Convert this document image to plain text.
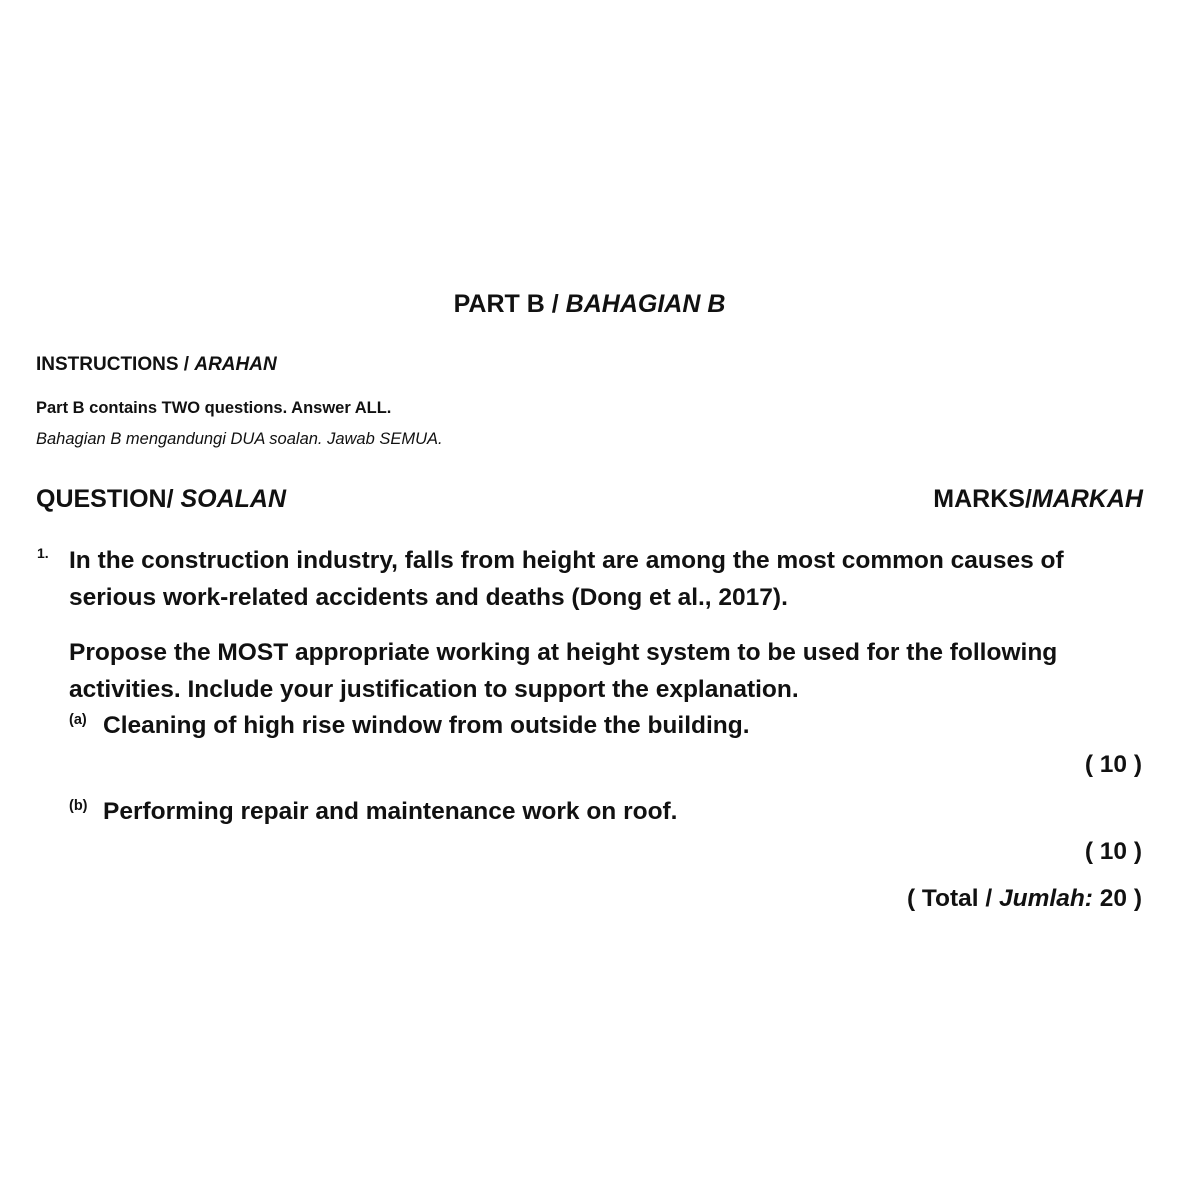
PART B / BAHAGIAN B
INSTRUCTIONS / ARAHAN
Part B contains TWO questions. Answer ALL.
Bahagian B mengandungi DUA soalan. Jawab SEMUA.
QUESTION/ SOALAN	MARKS/MARKAH
1. In the construction industry, falls from height are among the most common causes of serious work-related accidents and deaths (Dong et al., 2017).
Propose the MOST appropriate working at height system to be used for the following activities. Include your justification to support the explanation.
(a) Cleaning of high rise window from outside the building.
( 10 )
(b) Performing repair and maintenance work on roof.
( 10 )
( Total / Jumlah: 20 )
